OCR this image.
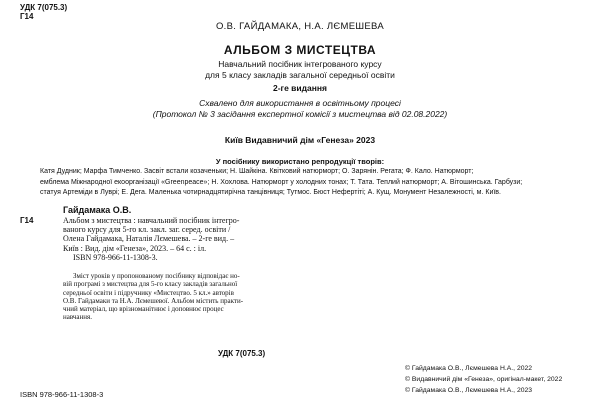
УДК 7(075.3)
Г14
О.В. ГАЙДАМАКА, Н.А. ЛЄМЕШЕВА
АЛЬБОМ З МИСТЕЦТВА
Навчальний посібник інтегрованого курсу
для 5 класу закладів загальної середньої освіти
2-ге видання
Схвалено для використання в освітньому процесі
(Протокол № 3 засідання експертної комісії з мистецтва від 02.08.2022)
Київ Видавничий дім «Генеза» 2023
У посібнику використано репродукції творів:
Катя Дудник; Марфа Тимченко. Засвіт встали козаченьки; Н. Шайкіна. Квітковий натюрморт; О. Зарянін. Регата; Ф. Кало. Натюрморт;
емблема Міжнародної екоорганізації «Greenpeace»; Н. Хохлова. Натюрморт у холодних тонах; Т. Тата. Теплий натюрморт; А. Вітошинська. Гарбузи;
статуя Артеміди в Луврі; Е. Дега. Маленька чотирнадцятирічна танцівниця; Тутмос. Бюст Нефертіті; А. Кущ. Монумент Незалежності, м. Київ.
Г14
Гайдамака О.В.
Альбом з мистецтва : навчальний посібник інтегро-
ваного курсу для 5-го кл. закл. заг. серед. освіти /
Олена Гайдамака, Наталія Лємешева. – 2-ге вид. –
Київ : Вид. дім «Генеза», 2023. – 64 с. : іл.
ISBN 978-966-11-1308-3.
Зміст уроків у пропонованому посібнику відповідає но-
вій програмі з мистецтва для 5-го класу закладів загальної
середньої освіти і підручнику «Мистецтво. 5 кл.» авторів
О.В. Гайдамаки та Н.А. Лємешевої. Альбом містить практи-
чний матеріал, що врізноманітнює і доповнює процес
навчання.
УДК 7(075.3)
© Гайдамака О.В., Лємешева Н.А., 2022
© Видавничий дім «Генеза», оригінал-макет, 2022
© Гайдамака О.В., Лємешева Н.А., 2023
ISBN 978-966-11-1308-3
